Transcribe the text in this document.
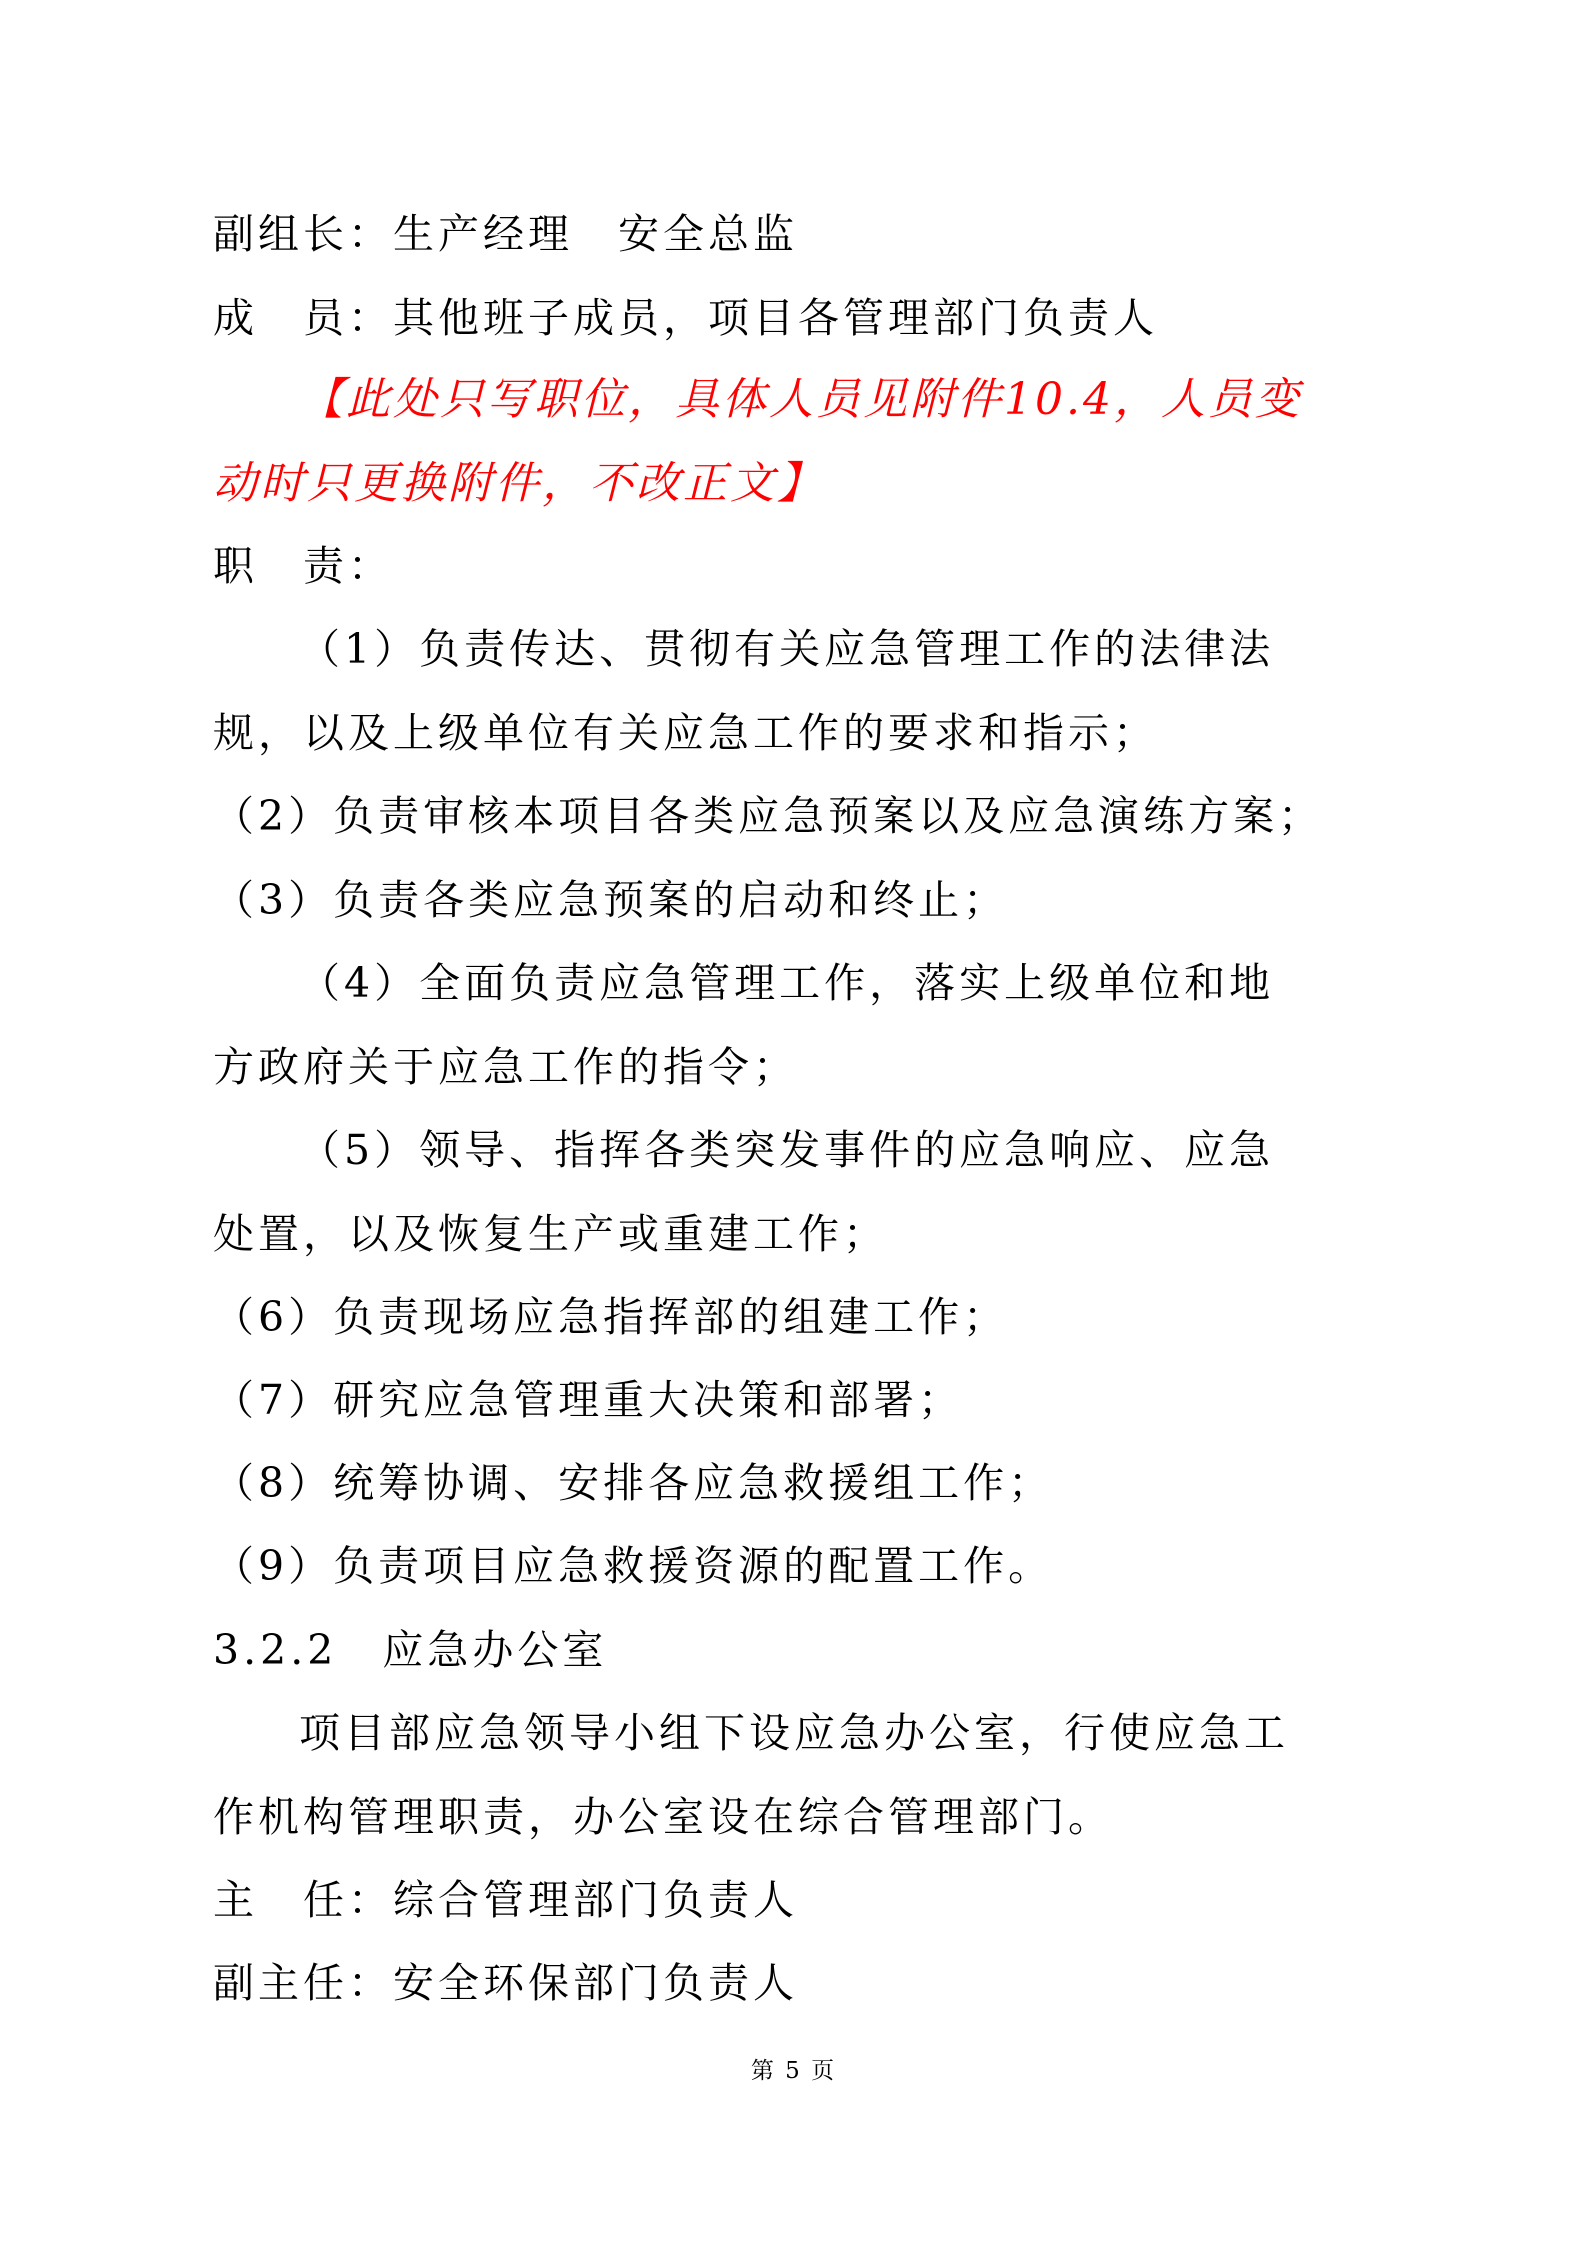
副组长：生产经理　安全总监
成　员：其他班子成员，项目各管理部门负责人
【此处只写职位，具体人员见附件10.4，人员变动时只更换附件，不改正文】
职　责：
（1）负责传达、贯彻有关应急管理工作的法律法规，以及上级单位有关应急工作的要求和指示；
（2）负责审核本项目各类应急预案以及应急演练方案；
（3）负责各类应急预案的启动和终止；
（4）全面负责应急管理工作，落实上级单位和地方政府关于应急工作的指令；
（5）领导、指挥各类突发事件的应急响应、应急处置，以及恢复生产或重建工作；
（6）负责现场应急指挥部的组建工作；
（7）研究应急管理重大决策和部署；
（8）统筹协调、安排各应急救援组工作；
（9）负责项目应急救援资源的配置工作。
3.2.2　应急办公室
项目部应急领导小组下设应急办公室，行使应急工作机构管理职责，办公室设在综合管理部门。
主　任：综合管理部门负责人
副主任：安全环保部门负责人
第 5 页
